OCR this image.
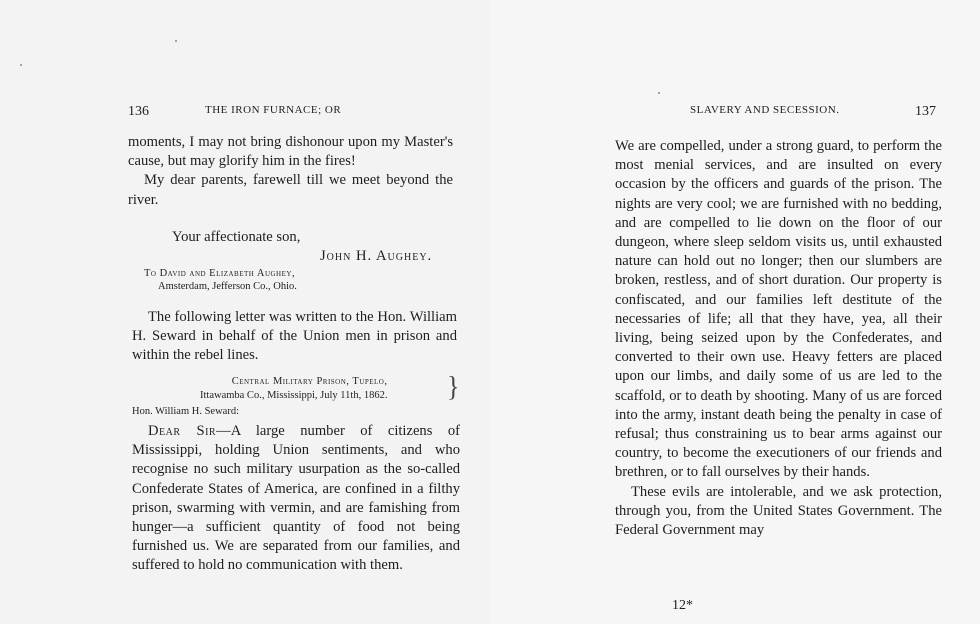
136	THE IRON FURNACE; OR

moments, I may not bring dishonour upon my Master's cause, but may glorify him in the fires!

My dear parents, farewell till we meet beyond the river.

Your affectionate son,
John H. Aughey.
To David and Elizabeth Aughey,
Amsterdam, Jefferson Co., Ohio.

The following letter was written to the Hon. William H. Seward in behalf of the Union men in prison and within the rebel lines.

Central Military Prison, Tupelo,
Ittawamba Co., Mississippi, July 11th, 1862. }
Hon. William H. Seward:

Dear Sir—A large number of citizens of Mississippi, holding Union sentiments, and who recognise no such military usurpation as the so-called Confederate States of America, are confined in a filthy prison, swarming with vermin, and are famishing from hunger—a sufficient quantity of food not being furnished us. We are separated from our families, and suffered to hold no communication with them.

SLAVERY AND SECESSION.	137

We are compelled, under a strong guard, to perform the most menial services, and are insulted on every occasion by the officers and guards of the prison. The nights are very cool; we are furnished with no bedding, and are compelled to lie down on the floor of our dungeon, where sleep seldom visits us, until exhausted nature can hold out no longer; then our slumbers are broken, restless, and of short duration. Our property is confiscated, and our families left destitute of the necessaries of life; all that they have, yea, all their living, being seized upon by the Confederates, and converted to their own use. Heavy fetters are placed upon our limbs, and daily some of us are led to the scaffold, or to death by shooting. Many of us are forced into the army, instant death being the penalty in case of refusal; thus constraining us to bear arms against our country, to become the executioners of our friends and brethren, or to fall ourselves by their hands.

These evils are intolerable, and we ask protection, through you, from the United States Government. The Federal Government may

12*
